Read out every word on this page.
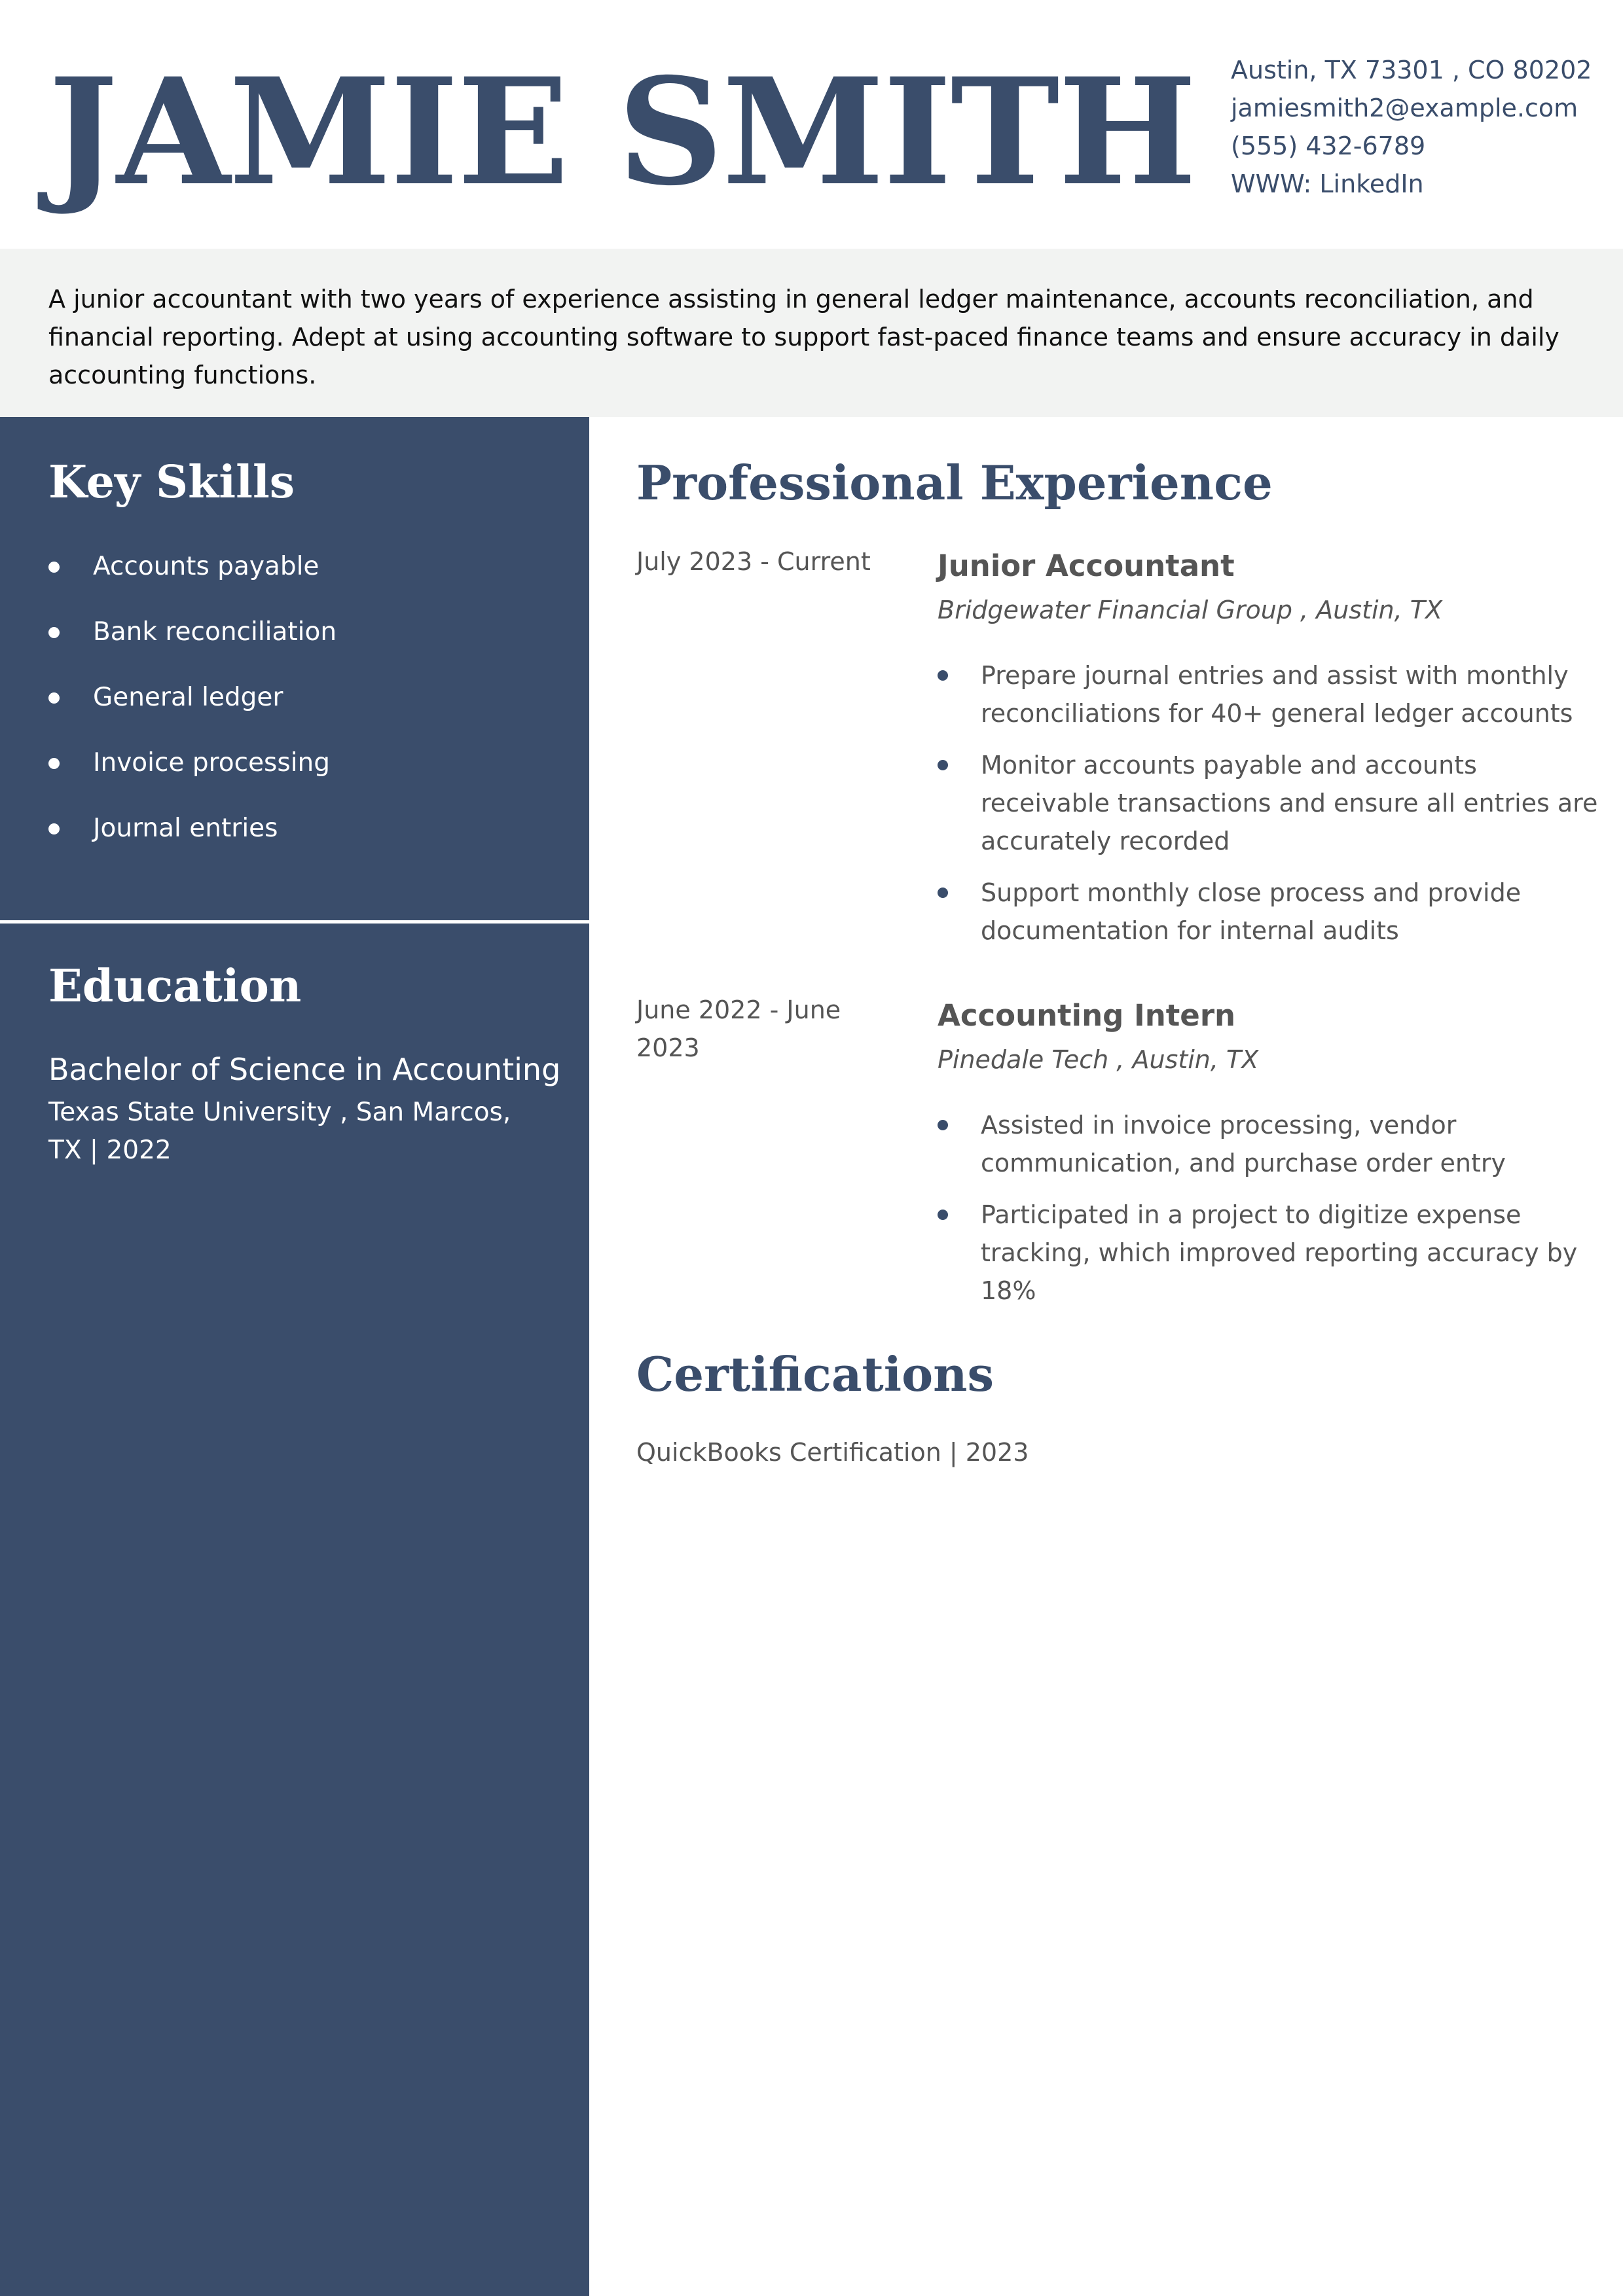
JAMIE SMITH Austin, TX 73301 , CO 80202
jamiesmith2@example.com
(555) 432-6789
WWW: LinkedIn

A junior accountant with two years of experience assisting in general ledger maintenance, accounts reconciliation, and financial reporting. Adept at using accounting software to support fast-paced finance teams and ensure accuracy in daily accounting functions.

Key Skills
Accounts payable
Bank reconciliation
General ledger
Invoice processing
Journal entries
Education
Bachelor of Science in Accounting
Texas State University , San Marcos, TX | 2022
Professional Experience
July 2023 - Current	Junior Accountant
Bridgewater Financial Group , Austin, TX
Prepare journal entries and assist with monthly reconciliations for 40+ general ledger accounts
Monitor accounts payable and accounts receivable transactions and ensure all entries are accurately recorded
Support monthly close process and provide documentation for internal audits
June 2022 - June 2023
Accounting Intern
Pinedale Tech , Austin, TX
Assisted in invoice processing, vendor communication, and purchase order entry
Participated in a project to digitize expense tracking, which improved reporting accuracy by 18%
Certifications
QuickBooks Certification | 2023
